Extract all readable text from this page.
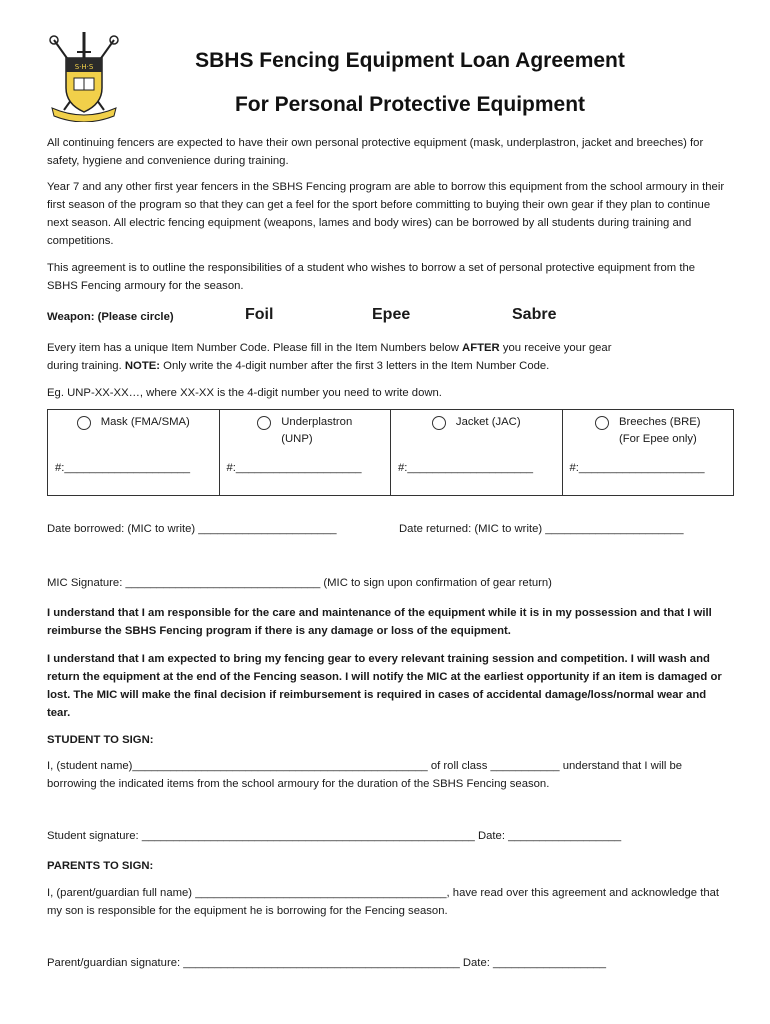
S·H·S	SBHS Fencing Equipment Loan Agreement
For Personal Protective Equipment
All continuing fencers are expected to have their own personal protective equipment (mask, underplastron, jacket and breeches) for safety, hygiene and convenience during training.
Year 7 and any other first year fencers in the SBHS Fencing program are able to borrow this equipment from the school armoury in their first season of the program so that they can get a feel for the sport before committing to buying their own gear if they plan to continue next season. All electric fencing equipment (weapons, lames and body wires) can be borrowed by all students during training and competitions.
This agreement is to outline the responsibilities of a student who wishes to borrow a set of personal protective equipment from the SBHS Fencing armoury for the season.
Weapon: (Please circle)	Foil	Epee	Sabre
Every item has a unique Item Number Code. Please fill in the Item Numbers below AFTER you receive your gear
during training. NOTE: Only write the 4-digit number after the first 3 letters in the Item Number Code.
Eg. UNP-XX-XX…, where XX-XX is the 4-digit number you need to write down.
Mask (FMA/SMA)

#:____________________

Underplastron
(UNP)
#:____________________

Jacket (JAC)

#:____________________

Breeches (BRE)
(For Epee only)
#:____________________
Date borrowed: (MIC to write) ______________________	Date returned: (MIC to write) ______________________
MIC Signature: _______________________________ (MIC to sign upon confirmation of gear return)
I understand that I am responsible for the care and maintenance of the equipment while it is in my possession and that I will reimburse the SBHS Fencing program if there is any damage or loss of the equipment.
I understand that I am expected to bring my fencing gear to every relevant training session and competition. I will wash and return the equipment at the end of the Fencing season. I will notify the MIC at the earliest opportunity if an item is damaged or lost. The MIC will make the final decision if reimbursement is required in cases of accidental damage/loss/normal wear and tear.
STUDENT TO SIGN:
I, (student name)_______________________________________________ of roll class ___________ understand that I will be borrowing the indicated items from the school armoury for the duration of the SBHS Fencing season.
Student signature: _____________________________________________________ Date: __________________
PARENTS TO SIGN:
I, (parent/guardian full name) ________________________________________, have read over this agreement and acknowledge that my son is responsible for the equipment he is borrowing for the Fencing season.
Parent/guardian signature: ____________________________________________ Date: __________________
